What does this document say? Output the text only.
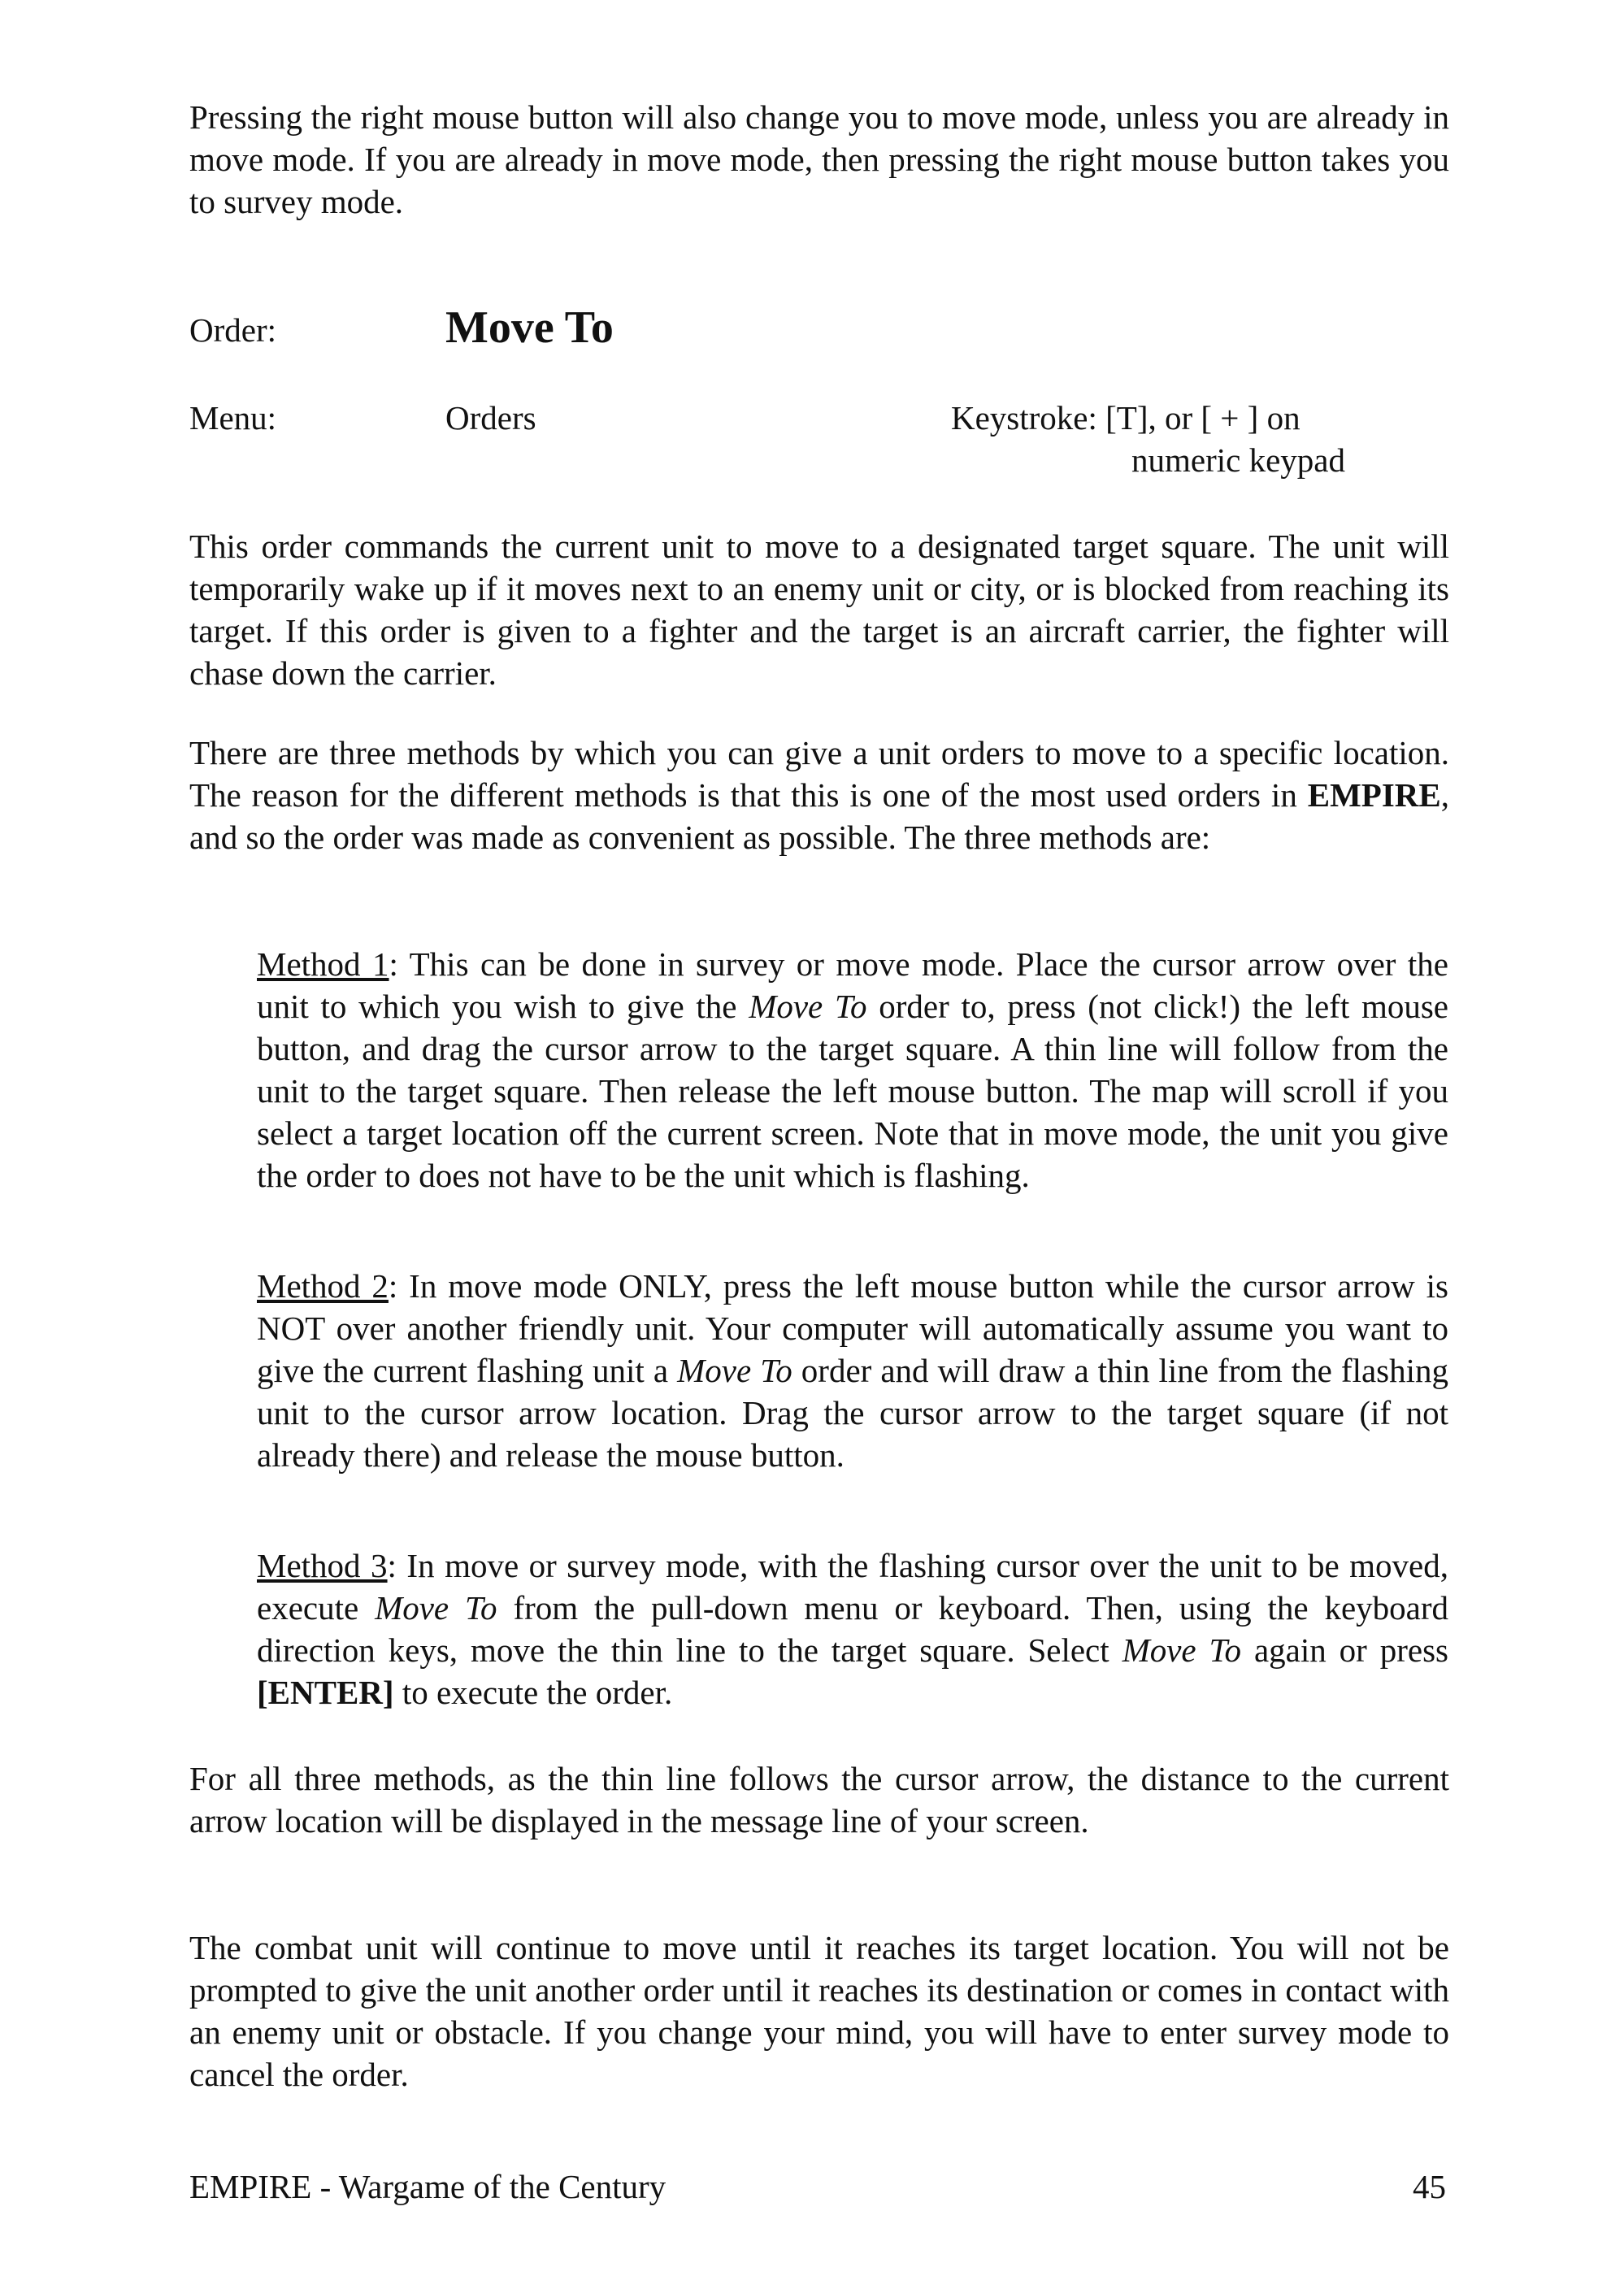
Pressing the right mouse button will also change you to move mode, unless you are already in move mode. If you are already in move mode, then pressing the right mouse button takes you to survey mode.

Order:	Move To
Menu:	Orders	Keystroke: [T], or [ + ] on
numeric keypad

This order commands the current unit to move to a designated target square. The unit will temporarily wake up if it moves next to an enemy unit or city, or is blocked from reaching its target. If this order is given to a fighter and the target is an aircraft carrier, the fighter will chase down the carrier.

There are three methods by which you can give a unit orders to move to a specific location. The reason for the different methods is that this is one of the most used orders in EMPIRE, and so the order was made as convenient as possible. The three methods are:

Method 1: This can be done in survey or move mode. Place the cursor arrow over the unit to which you wish to give the Move To order to, press (not click!) the left mouse button, and drag the cursor arrow to the target square. A thin line will follow from the unit to the target square. Then release the left mouse button. The map will scroll if you select a target location off the current screen. Note that in move mode, the unit you give the order to does not have to be the unit which is flashing.

Method 2: In move mode ONLY, press the left mouse button while the cursor arrow is NOT over another friendly unit. Your computer will automatically assume you want to give the current flashing unit a Move To order and will draw a thin line from the flashing unit to the cursor arrow location. Drag the cursor arrow to the target square (if not already there) and release the mouse button.

Method 3: In move or survey mode, with the flashing cursor over the unit to be moved, execute Move To from the pull-down menu or keyboard. Then, using the keyboard direction keys, move the thin line to the target square. Select Move To again or press [ENTER] to execute the order.

For all three methods, as the thin line follows the cursor arrow, the distance to the current arrow location will be displayed in the message line of your screen.

The combat unit will continue to move until it reaches its target location. You will not be prompted to give the unit another order until it reaches its destination or comes in contact with an enemy unit or obstacle. If you change your mind, you will have to enter survey mode to cancel the order.

EMPIRE - Wargame of the Century	45
